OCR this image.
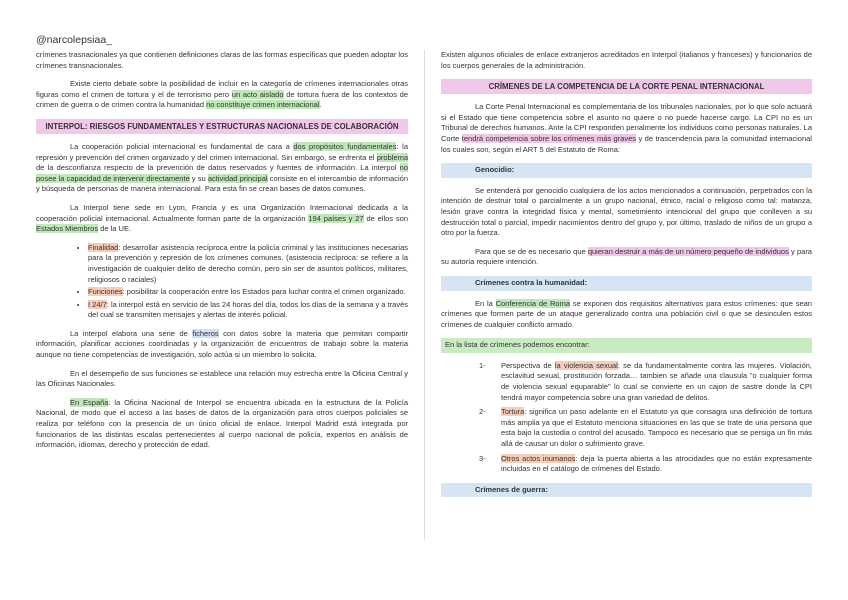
@narcolepsiaa_

crímenes trasnacionales ya que contienen definiciones claras de las formas específicas que pueden adoptar los crímenes transnacionales.

Existe cierto debate sobre la posibilidad de incluir en la categoría de crímenes internacionales otras figuras como el crimen de tortura y el de terrorismo pero un acto aislado de tortura fuera de los contextos de crimen de guerra o de crimen contra la humanidad no constituye crimen internacional.

INTERPOL: RIESGOS FUNDAMENTALES Y ESTRUCTURAS NACIONALES DE COLABORACIÓN

La cooperación policial internacional es fundamental de cara a dos propósitos fundamentales: la represión y prevención del crimen organizado y del crimen internacional. Sin embargo, se enfrenta el problema de la desconfianza respecto de la prevención de datos reservados y fuentes de información. La interpol no posee la capacidad de intervenir directamente y su actividad principal consiste en el intercambio de información y búsqueda de personas de manera internacional. Para esta fin se crean bases de datos comunes.

La Interpol tiene sede en Lyon, Francia y es una Organización Internacional dedicada a la cooperación policial internacional. Actualmente forman parte de la organización 194 países y 27 de ellos son Estados Miembros de la UE.

• Finalidad: desarrollar asistencia recíproca entre la policía criminal y las instituciones necesarias para la prevención y represión de los crímenes comunes. (asistencia recíproca: se refiere a la investigación de cualquier delito de derecho común, pero sin ser de asuntos políticos, militares, religiosos o raciales)
• Funciones: posibilitar la cooperación entre los Estados para luchar contra el crimen organizado.
• I 24/7: la interpol está en servicio de las 24 horas del día, todos los días de la semana y a través del cual se transmiten mensajes y alertas de interés policial.

La interpol elabora una serie de ficheros con datos sobre la materia que permitan compartir información, planificar acciones coordinadas y la organización de encuentros de trabajo sobre la materia aunque no tiene competencias de investigación, solo actúa si un miembro lo solicita.

En el desempeño de sus funciones se establece una relación muy estrecha entre la Oficina Central y las Oficinas Nacionales.

En España: la Oficina Nacional de Interpol se encuentra ubicada en la estructura de la Policía Nacional, de modo que el acceso a las bases de datos de la organización para otros cuerpos policiales se realiza por teléfono con la presencia de un único oficial de enlace. Interpol Madrid está integrada por funcionarios de las distintas escalas pertenecientes al cuerpo nacional de policía, expertos en análisis de información, idiomas, derecho y protección de edad.

Existen algunos oficiales de enlace extranjeros acreditados en Interpol (italianos y franceses) y funcionarios de los cuerpos generales de la administración.

CRÍMENES DE LA COMPETENCIA DE LA CORTE PENAL INTERNACIONAL

La Corte Penal Internacional es complementaria de los tribunales nacionales, por lo que solo actuará si el Estado que tiene competencia sobre el asunto no quiere o no puede hacerse cargo. La CPI no es un Tribunal de derechos humanos. Ante la CPI responden penalmente los individuos como personas naturales. La Corte tendrá competencia sobre los crímenes más graves y de trascendencia para la comunidad internacional los cuales son, según el ART 5 del Estatuto de Roma:

Genocidio:

Se entenderá por genocidio cualquiera de los actos mencionados a continuación, perpetrados con la intención de destruir total o parcialmente a un grupo nacional, étnico, racial o religioso como tal: matanza, lesión grave contra la integridad física y mental, sometimiento intencional del grupo que conlleven a su destrucción total o parcial, impedir nacimientos dentro del grupo y, por último, traslado de niños de un grupo a otro por la fuerza.

Para que se de es necesario que quieran destruir a más de un número pequeño de individuos y para su autoría requiere intención.

Crímenes contra la humanidad:

En la Conferencia de Roma se exponen dos requisitos alternativos para estos crímenes: que sean crímenes que formen parte de un ataque generalizado contra una población civil o que se desinculen estos crímenes de cualquier conflicto armado.

En la lista de crímenes podemos encontrar:
1- Perspectiva de la violencia sexual: se da fundamentalmente contra las mujeres. Violación, esclavitud sexual, prostitución forzada… tambien se añade una clausula "o cualquier forma de violencia sexual equparable" lo cual se convierte en un cajon de sastre donde la CPI tendrá mayor competencia sobre una gran variedad de delitos.
2- Tortura: significa un paso adelante en el Estatuto ya que consagra una definición de tortura más amplia ya que el Estatuto menciona situaciones en las que se trate de una persona que esta bajo la custodia o control del acusado. Tampoco es necesario que se persiga un fin más allá de causar un dolor o sufrimiento grave.
3- Otros actos inumanos: deja la puerta abierta a las atrocidades que no están expresamente incluidas en el catálogo de crímenes del Estado.
Crímenes de guerra:
